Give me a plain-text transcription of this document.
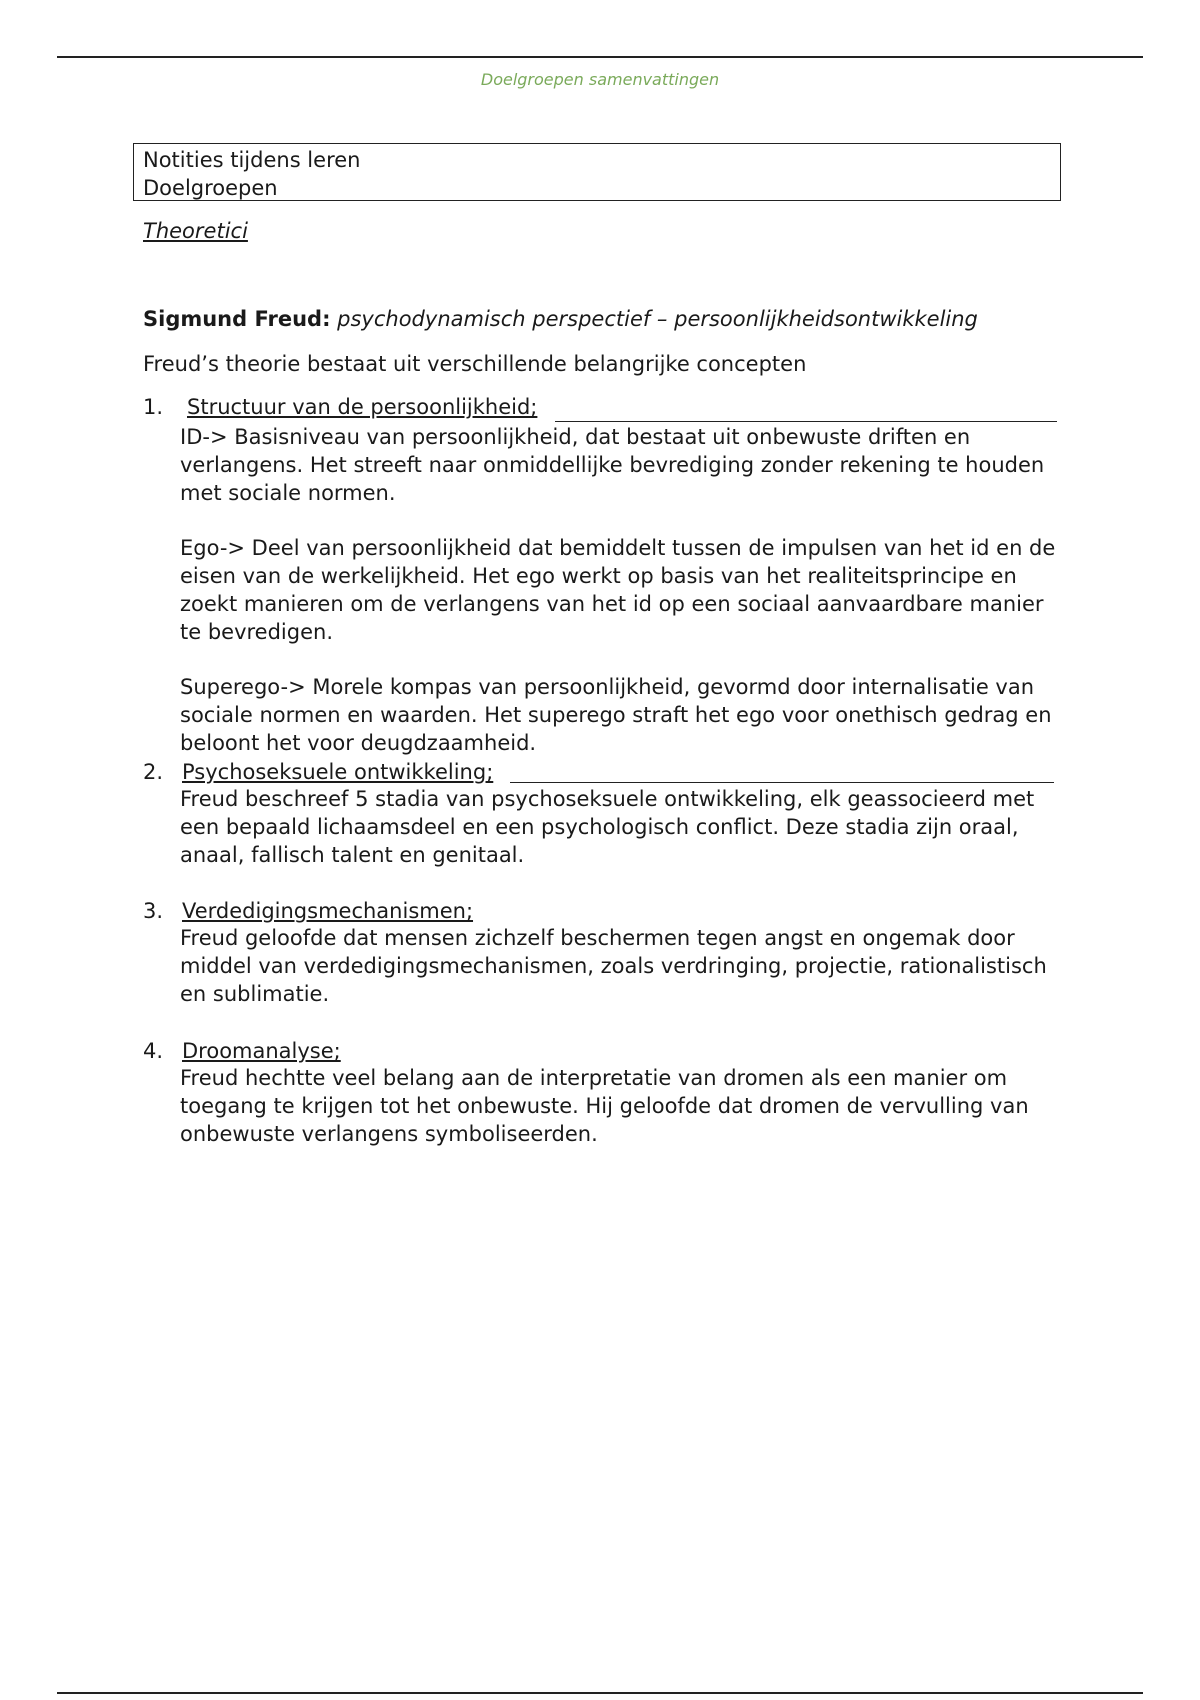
Doelgroepen samenvattingen
Notities tijdens leren
Doelgroepen
Theoretici
Sigmund Freud: psychodynamisch perspectief – persoonlijkheidsontwikkeling
Freud’s theorie bestaat uit verschillende belangrijke concepten
1. Structuur van de persoonlijkheid;
ID-> Basisniveau van persoonlijkheid, dat bestaat uit onbewuste driften en verlangens. Het streeft naar onmiddellijke bevrediging zonder rekening te houden met sociale normen.
Ego-> Deel van persoonlijkheid dat bemiddelt tussen de impulsen van het id en de eisen van de werkelijkheid. Het ego werkt op basis van het realiteitsprincipe en zoekt manieren om de verlangens van het id op een sociaal aanvaardbare manier te bevredigen.
Superego-> Morele kompas van persoonlijkheid, gevormd door internalisatie van sociale normen en waarden. Het superego straft het ego voor onethisch gedrag en beloont het voor deugdzaamheid.
2. Psychoseksuele ontwikkeling;
Freud beschreef 5 stadia van psychoseksuele ontwikkeling, elk geassocieerd met een bepaald lichaamsdeel en een psychologisch conflict. Deze stadia zijn oraal, anaal, fallisch talent en genitaal.
3. Verdedigingsmechanismen;
Freud geloofde dat mensen zichzelf beschermen tegen angst en ongemak door middel van verdedigingsmechanismen, zoals verdringing, projectie, rationalistisch en sublimatie.
4. Droomanalyse;
Freud hechtte veel belang aan de interpretatie van dromen als een manier om toegang te krijgen tot het onbewuste. Hij geloofde dat dromen de vervulling van onbewuste verlangens symboliseerden.
